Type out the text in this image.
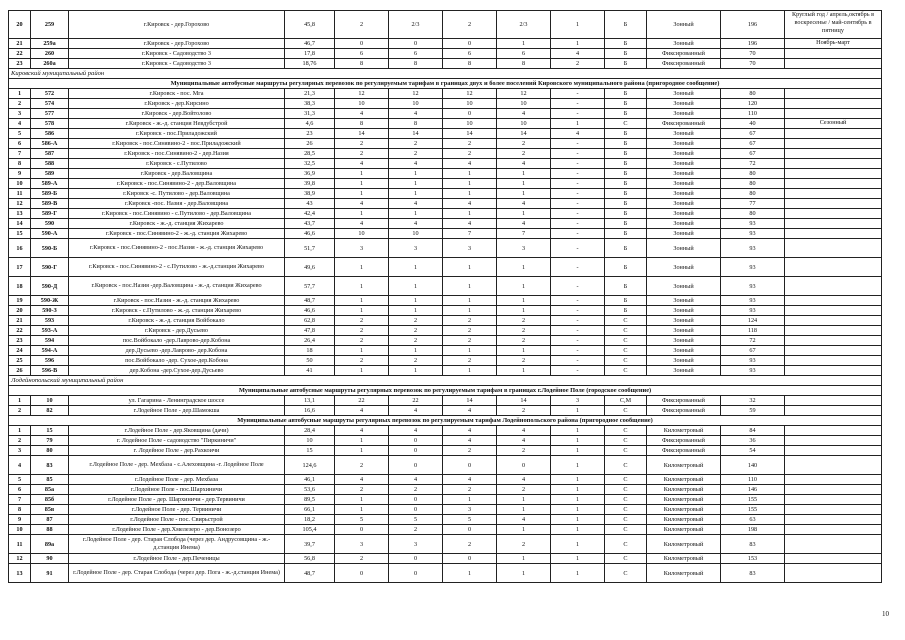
20	259	г.Кировск - дер.Горохово	45,8	2	2/3	2	2/3	1	Б	Зонный	196	Круглый год / апрель,октябрь в воскресенье / май-сентябрь в пятницу
21	259а	г.Кировск - дер.Горохово	46,7	0	0	0	1	1	Б	Зонный	196	Ноябрь-март
22	260	г.Кировск - Садоводство 3	17,8	6	6	6	6	4	Б	Фиксированный	70	
23	260а	г.Кировск - Садоводство 3	18,76	8	8	8	8	2	Б	Фиксированный	70	
Кировский муниципальный район												
Муниципальные автобусные маршруты регулярных перевозок по регулируемым тарифам в границах двух и более поселений Кировского муниципального района (пригородное сообщение)												
1	572	г.Кировск - пос. Мга	21,3	12	12	12	12	-	Б	Зонный	80	
2	574	г.Кировск - дер.Кирсино	38,3	10	10	10	10	-	Б	Зонный	120	
3	577	г.Кировск - дер.Войтолово	31,3	4	4	0	4	-	Б	Зонный	110	
4	578	г.Кировск - ж.-д. станция Невдубстрой	4,6	8	8	10	10	1	С	Фиксированный	40	Сезонный
5	586	г.Кировск - пос.Приладожский	23	14	14	14	14	4	Б	Зонный	67	
6	586-А	г.Кировск - пос.Синявино-2 - пос.Приладожский	26	2	2	2	2	-	Б	Зонный	67	
7	587	г.Кировск - пос.Синявино-2 - дер.Назия	28,5	2	2	2	2	-	Б	Зонный	67	
8	588	г.Кировск - с.Путилово	32,5	4	4	4	4	-	Б	Зонный	72	
9	589	г.Кировск - дер.Валовщина	36,9	1	1	1	1	-	Б	Зонный	80	
10	589-А	г.Кировск - пос.Синявино-2 - дер.Валовщина	39,8	1	1	1	1	-	Б	Зонный	80	
11	589-Б	г.Кировск -с. Путилово - дер.Валовщина	38,9	1	1	1	1	-	Б	Зонный	80	
12	589-В	г.Кировск -пос. Назия - дер.Валовщина	43	4	4	4	4	-	Б	Зонный	77	
13	589-Г	г.Кировск - пос.Синявино - с.Путилово - дер.Валовщина	42,4	1	1	1	1	-	Б	Зонный	80	
14	590	г.Кировск - ж.-д. станция Жихарево	43,7	4	4	4	4	-	Б	Зонный	93	
15	590-А	г.Кировск - пос.Синявино-2 - ж.-д. станция Жихарево	46,6	10	10	7	7	-	Б	Зонный	93	
16	590-Б	г.Кировск - пос.Синявино-2 - пос.Назия - ж.-д. станция Жихарево	51,7	3	3	3	3	-	Б	Зонный	93	
17	590-Г	г.Кировск - пос.Синявино-2 - с.Путилово - ж.-д.станция Жихарево	49,6	1	1	1	1	-	Б	Зонный	93	
18	590-Д	г.Кировск - пос.Назия -дер.Валовщина - ж.-д. станция Жихарево	57,7	1	1	1	1	-	Б	Зонный	93	
19	590-Ж	г.Кировск - пос.Назия - ж.-д. станция Жихарево	48,7	1	1	1	1	-	Б	Зонный	93	
20	590-З	г.Кировск - с.Путилово - ж.-д. станция Жихарево	46,6	1	1	1	1	-	Б	Зонный	93	
21	593	г.Кировск - ж.-д. станция Войбокало	62,8	2	2	2	2	-	С	Зонный	124	
22	593-А	г.Кировск - дер.Дусьево	47,8	2	2	2	2	-	С	Зонный	118	
23	594	пос.Войбокало -дер.Лаврово-дер.Кобона	26,4	2	2	2	2	-	С	Зонный	72	
24	594-А	дер.Дусьево -дер.Лаврово- дер.Кобона	18	1	1	1	1	-	С	Зонный	67	
25	596	пос.Войбокало -дер. Сухое-дер.Кобона	50	2	2	2	2	-	С	Зонный	93	
26	596-В	дер.Кобона -дер.Сухое-дер.Дусьево	41	1	1	1	1	-	С	Зонный	93	
Лодейнопольский муниципальный район												
Муниципальные автобусные маршруты регулярных перевозок по регулируемым тарифам в границах г.Лодейное Поле (городское сообщение)												
1	10	ул. Гагарина - Ленинградское шоссе	13,1	22	22	14	14	3	С,М	Фиксированный	32	
2	82	г.Лодейное Поле - дер.Шамокша	16,6	4	4	4	2	1	С	Фиксированный	59	
Муниципальные автобусные маршруты регулярных перевозок по регулируемым тарифам Лодейнопольского района (пригородное сообщение)												
1	15	г.Лодейное Поле - дер.Яковщина (дачи)	28,4	4	4	4	4	1	С	Километровый	84	
2	79	г. Лодейное Поле - садоводство "Пиркиничи"	10	1	0	4	4	1	С	Фиксированный	36	
3	80	г. Лодейное Поле - дер.Рахкоичи	15	1	0	2	2	1	С	Фиксированный	54	
4	83	г.Лодейное Поле - дер. Мехбаза - с.Алеховщина -г. Лодейное Поле	124,6	2	0	0	0	1	С	Километровый	140	
5	85	г.Лодейное Поле - дер. Мехбаза	46,1	4	4	4	4	1	С	Километровый	110	
6	85а	г.Лодейное Поле - пос.Шархиничи	53,6	2	2	2	2	1	С	Километровый	146	
7	85б	г.Лодейное Поле - дер. Шархиничи - дер.Тервиничи	89,5	1	0	1	1	1	С	Километровый	155	
8	85в	г.Лодейное Поле - дер. Тервиничи	66,1	1	0	3	1	1	С	Километровый	155	
9	87	г.Лодейное Поле - пос. Свирьстрой	18,2	5	5	5	4	1	С	Километровый	63	
10	88	г.Лодейное Поле - дер.Хмелезеро - дер.Вонозеро	105,4	0	2	0	1	1	С	Километровый	198	
11	89а	г.Лодейное Поле - дер. Старая Слобода (через дер. Андрусовщина - ж.-д.станция Инема)	39,7	3	3	2	2	1	С	Километровый	83	
12	90	г.Лодейное Поле - дер.Печеницы	56,8	2	0	0	1	1	С	Километровый	153	
13	91	г.Лодейное Поле - дер. Старая Слобода (через дер. Пога - ж.-д.станция Инема)	48,7	0	0	1	1	1	С	Километровый	83	
10
